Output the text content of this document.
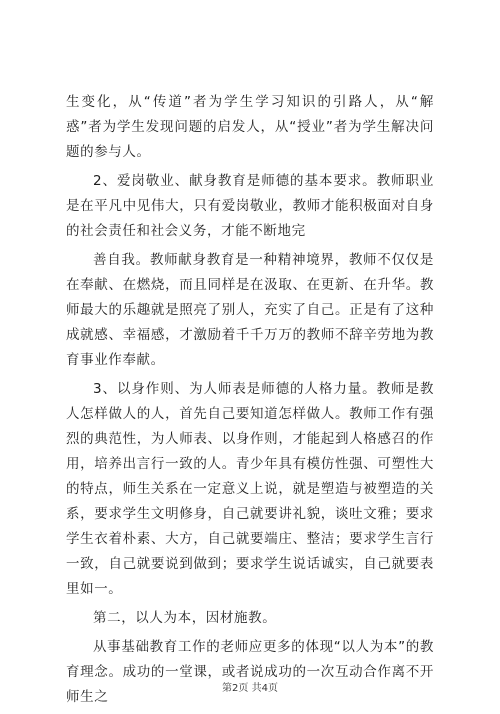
生变化，从“传道”者为学生学习知识的引路人，从“解惑”者为学生发现问题的启发人，从“授业”者为学生解决问题的参与人。

2、爱岗敬业、献身教育是师德的基本要求。教师职业是在平凡中见伟大，只有爱岗敬业，教师才能积极面对自身的社会责任和社会义务，才能不断地完

善自我。教师献身教育是一种精神境界，教师不仅仅是在奉献、在燃烧，而且同样是在汲取、在更新、在升华。教师最大的乐趣就是照亮了别人，充实了自己。正是有了这种成就感、幸福感，才激励着千千万万的教师不辞辛劳地为教育事业作奉献。

3、以身作则、为人师表是师德的人格力量。教师是教人怎样做人的人，首先自己要知道怎样做人。教师工作有强烈的典范性，为人师表、以身作则，才能起到人格感召的作用，培养出言行一致的人。青少年具有模仿性强、可塑性大的特点，师生关系在一定意义上说，就是塑造与被塑造的关系，要求学生文明修身，自己就要讲礼貌，谈吐文雅；要求学生衣着朴素、大方，自己就要端庄、整洁；要求学生言行一致，自己就要说到做到；要求学生说话诚实，自己就要表里如一。

第二，以人为本，因材施教。

从事基础教育工作的老师应更多的体现“以人为本”的教育理念。成功的一堂课，或者说成功的一次互动合作离不开师生之

第2页 共4页
